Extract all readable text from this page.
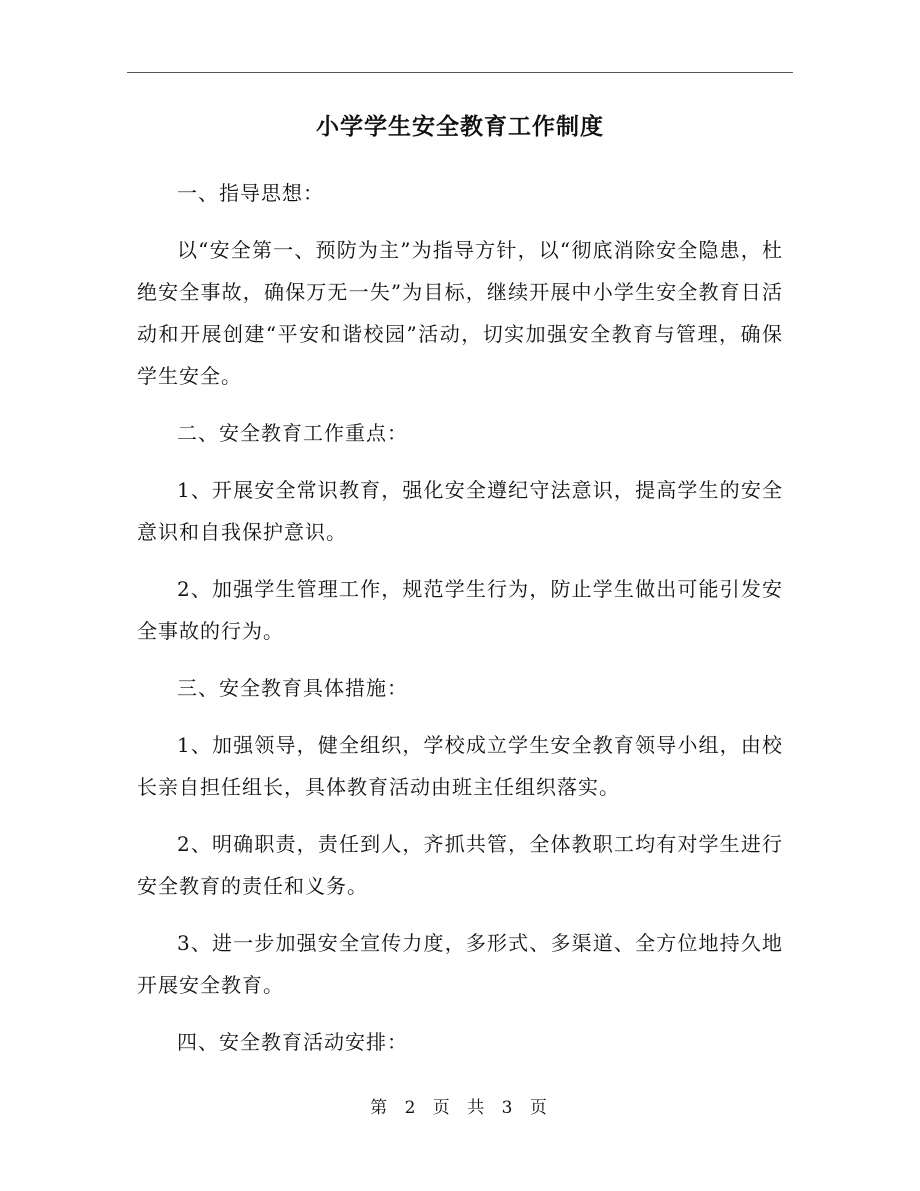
小学学生安全教育工作制度

一、指导思想：

以“安全第一、预防为主”为指导方针，以“彻底消除安全隐患，杜绝安全事故，确保万无一失”为目标，继续开展中小学生安全教育日活动和开展创建“平安和谐校园”活动，切实加强安全教育与管理，确保学生安全。

二、安全教育工作重点：

1、开展安全常识教育，强化安全遵纪守法意识，提高学生的安全意识和自我保护意识。

2、加强学生管理工作，规范学生行为，防止学生做出可能引发安全事故的行为。

三、安全教育具体措施：

1、加强领导，健全组织，学校成立学生安全教育领导小组，由校长亲自担任组长，具体教育活动由班主任组织落实。

2、明确职责，责任到人，齐抓共管，全体教职工均有对学生进行安全教育的责任和义务。

3、进一步加强安全宣传力度，多形式、多渠道、全方位地持久地开展安全教育。

四、安全教育活动安排：

第 2 页 共 3 页
